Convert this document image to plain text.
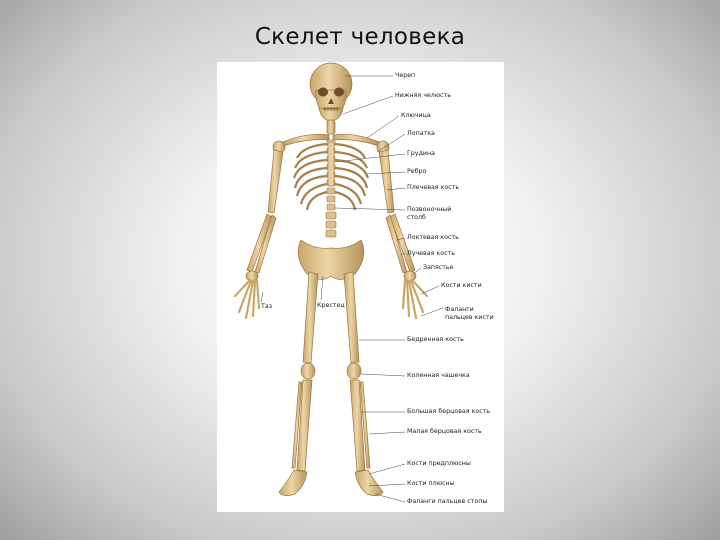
Скелет человека
Череп
Нижняя челюсть
Ключица
Лопатка
Грудина
Ребро
Плечевая кость
Позвоночный столб
Локтевая кость
Лучевая кость
Запястье
Кости кисти
Фаланги пальцев кисти
Бедренная кость
Коленная чашечка
Большая берцовая кость
Малая берцовая кость
Кости предплюсны
Кости плюсны
Фаланги пальцев стопы
Таз	Крестец
